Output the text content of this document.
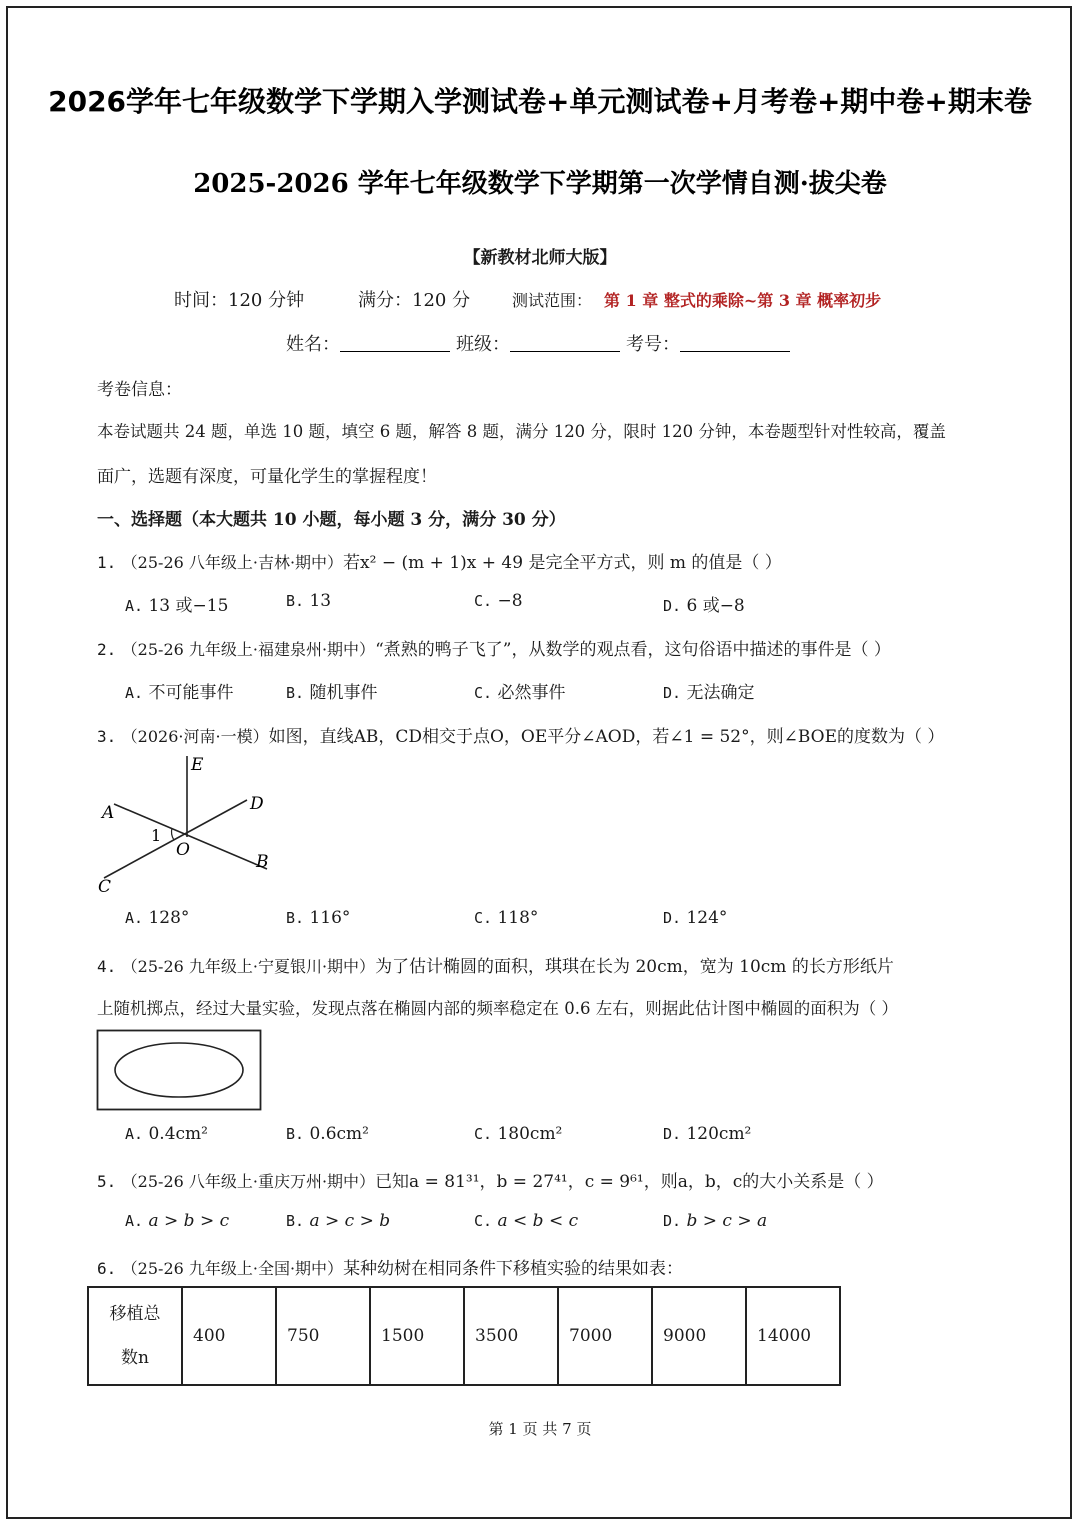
2026学年七年级数学下学期入学测试卷+单元测试卷+月考卷+期中卷+期末卷
2025-2026 学年七年级数学下学期第一次学情自测·拔尖卷
【新教材北师大版】
时间：120 分钟	满分：120 分	测试范围： 第 1 章 整式的乘除~第 3 章 概率初步
姓名：	班级：	考号：
考卷信息：
本卷试题共 24 题，单选 10 题，填空 6 题，解答 8 题，满分 120 分，限时 120 分钟，本卷题型针对性较高，覆盖
面广，选题有深度，可量化学生的掌握程度！
一、选择题（本大题共 10 小题，每小题 3 分，满分 30 分）
1. （25-26 八年级上·吉林·期中）若x² − (m + 1)x + 49 是完全平方式，则 m 的值是（ ）
A. 13 或−15	B. 13	C. −8	D. 6 或−8
2. （25-26 九年级上·福建泉州·期中）“煮熟的鸭子飞了”，从数学的观点看，这句俗语中描述的事件是（ ）
A. 不可能事件	B. 随机事件	C. 必然事件	D. 无法确定
3. （2026·河南·一模）如图，直线AB，CD相交于点O，OE平分∠AOD，若∠1 = 52°，则∠BOE的度数为（ ）
E
A	D
1
O
B
C
A. 128°	B. 116°	C. 118°	D. 124°
4. （25-26 九年级上·宁夏银川·期中）为了估计椭圆的面积，琪琪在长为 20cm，宽为 10cm 的长方形纸片
上随机掷点，经过大量实验，发现点落在椭圆内部的频率稳定在 0.6 左右，则据此估计图中椭圆的面积为（ ）
A. 0.4cm²	B. 0.6cm²	C. 180cm²	D. 120cm²
5. （25-26 八年级上·重庆万州·期中）已知a = 81³¹，b = 27⁴¹，c = 9⁶¹，则a，b，c的大小关系是（ ）
A. a > b > c	B. a > c > b	C. a < b < c	D. b > c > a
6. （25-26 九年级上·全国·期中）某种幼树在相同条件下移植实验的结果如表：
移植总
数n
	400	750	1500	3500	7000	9000	14000
第 1 页 共 7 页
